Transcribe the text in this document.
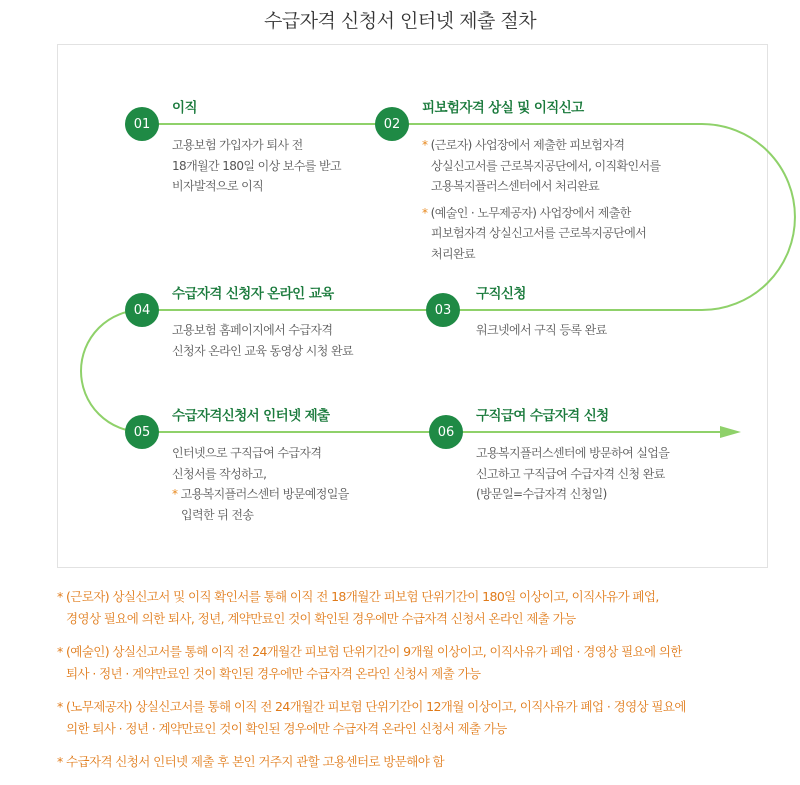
수급자격 신청서 인터넷 제출 절차
01
이직

고용보험 가입자가 퇴사 전

18개월간 180일 이상 보수를 받고

비자발적으로 이직

02
피보험자격 상실 및 이직신고

* (근로자) 사업장에서 제출한 피보험자격

상실신고서를 근로복지공단에서, 이직확인서를

고용복지플러스센터에서 처리완료

* (예술인 · 노무제공자) 사업장에서 제출한

피보험자격 상실신고서를 근로복지공단에서

처리완료

03
구직신청

워크넷에서 구직 등록 완료

04
수급자격 신청자 온라인 교육

고용보험 홈페이지에서 수급자격

신청자 온라인 교육 동영상 시청 완료

05
수급자격신청서 인터넷 제출

인터넷으로 구직급여 수급자격

신청서를 작성하고,

* 고용복지플러스센터 방문예정일을

입력한 뒤 전송

06
구직급여 수급자격 신청

고용복지플러스센터에 방문하여 실업을

신고하고 구직급여 수급자격 신청 완료

(방문일=수급자격 신청일)

* (근로자) 상실신고서 및 이직 확인서를 통해 이직 전 18개월간 피보험 단위기간이 180일 이상이고, 이직사유가 폐업,
경영상 필요에 의한 퇴사, 정년, 계약만료인 것이 확인된 경우에만 수급자격 신청서 온라인 제출 가능
* (예술인) 상실신고서를 통해 이직 전 24개월간 피보험 단위기간이 9개월 이상이고, 이직사유가 폐업 · 경영상 필요에 의한
퇴사 · 정년 · 계약만료인 것이 확인된 경우에만 수급자격 온라인 신청서 제출 가능
* (노무제공자) 상실신고서를 통해 이직 전 24개월간 피보험 단위기간이 12개월 이상이고, 이직사유가 폐업 · 경영상 필요에
의한 퇴사 · 정년 · 계약만료인 것이 확인된 경우에만 수급자격 온라인 신청서 제출 가능
* 수급자격 신청서 인터넷 제출 후 본인 거주지 관할 고용센터로 방문해야 함
